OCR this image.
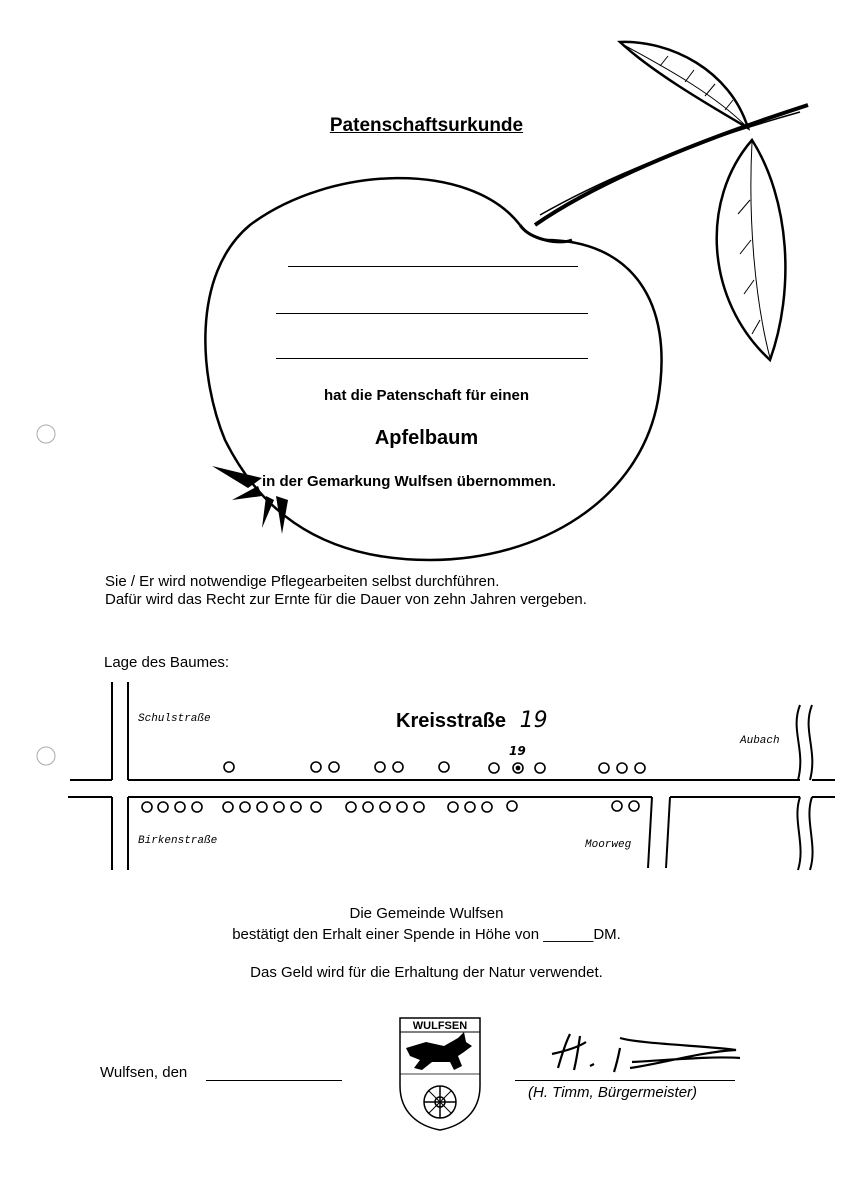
Patenschaftsurkunde
hat die Patenschaft für einen
Apfelbaum
in der Gemarkung Wulfsen übernommen.
Sie / Er wird notwendige Pflegearbeiten selbst durchführen.
Dafür wird das Recht zur Ernte für die Dauer von zehn Jahren vergeben.
Lage des Baumes:
Schulstraße	Kreisstraße 19
19
Aubach
Birkenstraße	Moorweg
Die Gemeinde Wulfsen
bestätigt den Erhalt einer Spende in Höhe von ______DM.
Das Geld wird für die Erhaltung der Natur verwendet.
Wulfsen, den
WULFSEN
(H. Timm, Bürgermeister)
